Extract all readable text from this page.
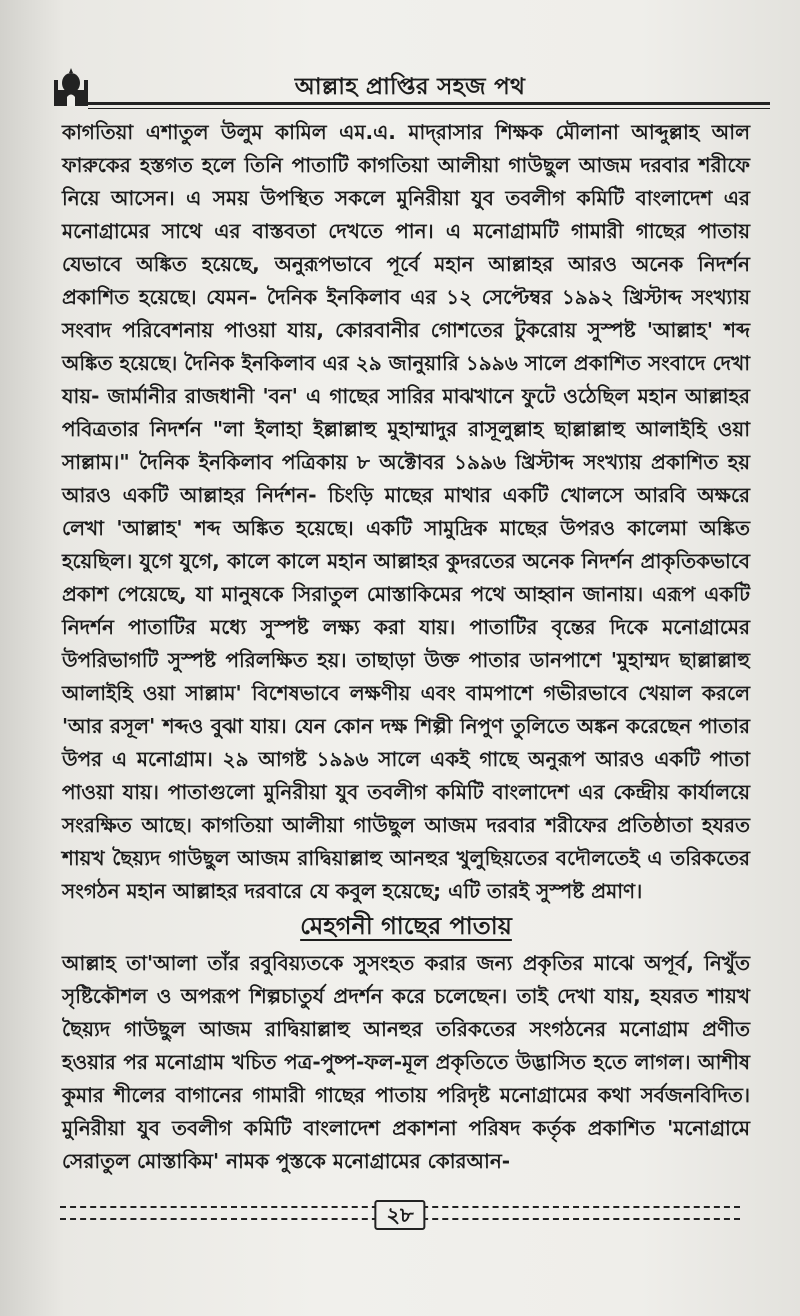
আল্লাহ প্রাপ্তির সহজ পথ

কাগতিয়া এশাতুল উলুম কামিল এম.এ. মাদ্‌রাসার শিক্ষক মৌলানা আব্দুল্লাহ আল ফারুকের হস্তগত হলে তিনি পাতাটি কাগতিয়া আলীয়া গাউছুল আজম দরবার শরীফে নিয়ে আসেন। এ সময় উপস্থিত সকলে মুনিরীয়া যুব তবলীগ কমিটি বাংলাদেশ এর মনোগ্রামের সাথে এর বাস্তবতা দেখতে পান। এ মনোগ্রামটি গামারী গাছের পাতায় যেভাবে অঙ্কিত হয়েছে, অনুরূপভাবে পূর্বে মহান আল্লাহর আরও অনেক নিদর্শন প্রকাশিত হয়েছে। যেমন- দৈনিক ইনকিলাব এর ১২ সেপ্টেম্বর ১৯৯২ খ্রিস্টাব্দ সংখ্যায় সংবাদ পরিবেশনায় পাওয়া যায়, কোরবানীর গোশতের টুকরোয় সুস্পষ্ট 'আল্লাহ' শব্দ অঙ্কিত হয়েছে। দৈনিক ইনকিলাব এর ২৯ জানুয়ারি ১৯৯৬ সালে প্রকাশিত সংবাদে দেখা যায়- জার্মানীর রাজধানী 'বন' এ গাছের সারির মাঝখানে ফুটে ওঠেছিল মহান আল্লাহর পবিত্রতার নিদর্শন "লা ইলাহা ইল্লাল্লাহু মুহাম্মাদুর রাসূলুল্লাহ ছাল্লাল্লাহু আলাইহি ওয়া সাল্লাম।" দৈনিক ইনকিলাব পত্রিকায় ৮ অক্টোবর ১৯৯৬ খ্রিস্টাব্দ সংখ্যায় প্রকাশিত হয় আরও একটি আল্লাহর নির্দশন- চিংড়ি মাছের মাথার একটি খোলসে আরবি অক্ষরে লেখা 'আল্লাহ' শব্দ অঙ্কিত হয়েছে। একটি সামুদ্রিক মাছের উপরও কালেমা অঙ্কিত হয়েছিল। যুগে যুগে, কালে কালে মহান আল্লাহর কুদরতের অনেক নিদর্শন প্রাকৃতিকভাবে প্রকাশ পেয়েছে, যা মানুষকে সিরাতুল মোস্তাকিমের পথে আহ্বান জানায়। এরূপ একটি নিদর্শন পাতাটির মধ্যে সুস্পষ্ট লক্ষ্য করা যায়। পাতাটির বৃন্তের দিকে মনোগ্রামের উপরিভাগটি সুস্পষ্ট পরিলক্ষিত হয়। তাছাড়া উক্ত পাতার ডানপাশে 'মুহাম্মদ ছাল্লাল্লাহু আলাইহি ওয়া সাল্লাম' বিশেষভাবে লক্ষণীয় এবং বামপাশে গভীরভাবে খেয়াল করলে 'আর রসূল' শব্দও বুঝা যায়। যেন কোন দক্ষ শিল্পী নিপুণ তুলিতে অঙ্কন করেছেন পাতার উপর এ মনোগ্রাম। ২৯ আগষ্ট ১৯৯৬ সালে একই গাছে অনুরূপ আরও একটি পাতা পাওয়া যায়। পাতাগুলো মুনিরীয়া যুব তবলীগ কমিটি বাংলাদেশ এর কেন্দ্রীয় কার্যালয়ে সংরক্ষিত আছে। কাগতিয়া আলীয়া গাউছুল আজম দরবার শরীফের প্রতিষ্ঠাতা হযরত শায়খ ছৈয়্যদ গাউছুল আজম রাদ্বিয়াল্লাহু আনহুর খুলুছিয়তের বদৌলতেই এ তরিকতের সংগঠন মহান আল্লাহর দরবারে যে কবুল হয়েছে; এটি তারই সুস্পষ্ট প্রমাণ।

মেহগনী গাছের পাতায়

আল্লাহ তা'আলা তাঁর রবুবিয়্যতকে সুসংহত করার জন্য প্রকৃতির মাঝে অপূর্ব, নিখুঁত সৃষ্টিকৌশল ও অপরূপ শিল্পচাতুর্য প্রদর্শন করে চলেছেন। তাই দেখা যায়, হযরত শায়খ ছৈয়্যদ গাউছুল আজম রাদ্বিয়াল্লাহু আনহুর তরিকতের সংগঠনের মনোগ্রাম প্রণীত হওয়ার পর মনোগ্রাম খচিত পত্র-পুষ্প-ফল-মূল প্রকৃতিতে উদ্ভাসিত হতে লাগল। আশীষ কুমার শীলের বাগানের গামারী গাছের পাতায় পরিদৃষ্ট মনোগ্রামের কথা সর্বজনবিদিত। মুনিরীয়া যুব তবলীগ কমিটি বাংলাদেশ প্রকাশনা পরিষদ কর্তৃক প্রকাশিত 'মনোগ্রামে সেরাতুল মোস্তাকিম' নামক পুস্তকে মনোগ্রামের কোরআন-

২৮
